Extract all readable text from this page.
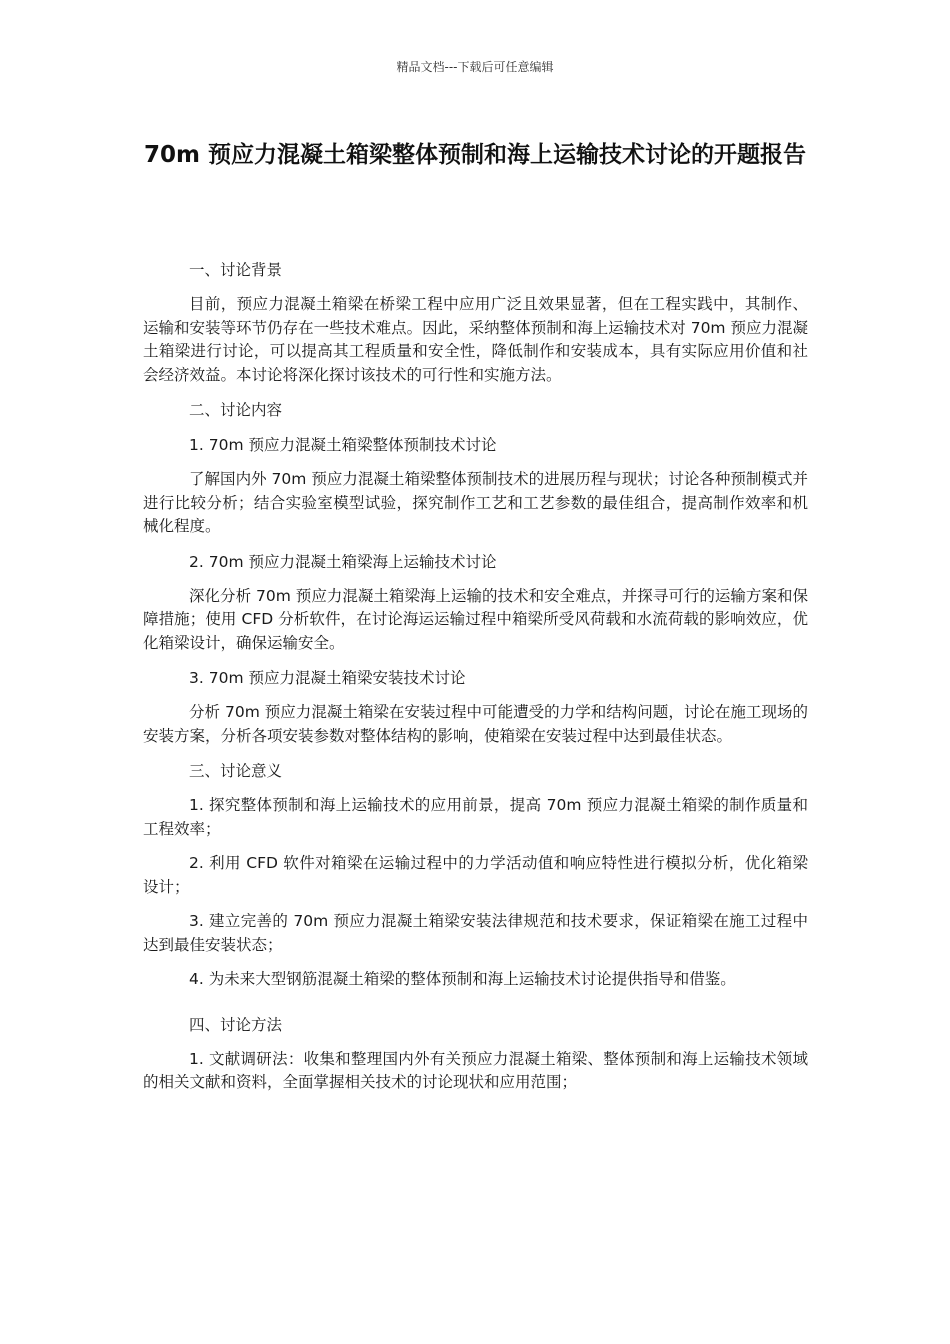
精品文档---下载后可任意编辑
70m 预应力混凝土箱梁整体预制和海上运输技术讨论的开题报告

一、讨论背景

目前，预应力混凝土箱梁在桥梁工程中应用广泛且效果显著，但在工程实践中，其制作、运输和安装等环节仍存在一些技术难点。因此，采纳整体预制和海上运输技术对 70m 预应力混凝土箱梁进行讨论，可以提高其工程质量和安全性，降低制作和安装成本，具有实际应用价值和社会经济效益。本讨论将深化探讨该技术的可行性和实施方法。

二、讨论内容

1. 70m 预应力混凝土箱梁整体预制技术讨论

了解国内外 70m 预应力混凝土箱梁整体预制技术的进展历程与现状；讨论各种预制模式并进行比较分析；结合实验室模型试验，探究制作工艺和工艺参数的最佳组合，提高制作效率和机械化程度。

2. 70m 预应力混凝土箱梁海上运输技术讨论

深化分析 70m 预应力混凝土箱梁海上运输的技术和安全难点，并探寻可行的运输方案和保障措施；使用 CFD 分析软件，在讨论海运运输过程中箱梁所受风荷载和水流荷载的影响效应，优化箱梁设计，确保运输安全。

3. 70m 预应力混凝土箱梁安装技术讨论

分析 70m 预应力混凝土箱梁在安装过程中可能遭受的力学和结构问题，讨论在施工现场的安装方案，分析各项安装参数对整体结构的影响，使箱梁在安装过程中达到最佳状态。

三、讨论意义

1. 探究整体预制和海上运输技术的应用前景，提高 70m 预应力混凝土箱梁的制作质量和工程效率；

2. 利用 CFD 软件对箱梁在运输过程中的力学活动值和响应特性进行模拟分析，优化箱梁设计；

3. 建立完善的 70m 预应力混凝土箱梁安装法律规范和技术要求，保证箱梁在施工过程中达到最佳安装状态；

4. 为未来大型钢筋混凝土箱梁的整体预制和海上运输技术讨论提供指导和借鉴。

四、讨论方法

1. 文献调研法：收集和整理国内外有关预应力混凝土箱梁、整体预制和海上运输技术领域的相关文献和资料，全面掌握相关技术的讨论现状和应用范围；
